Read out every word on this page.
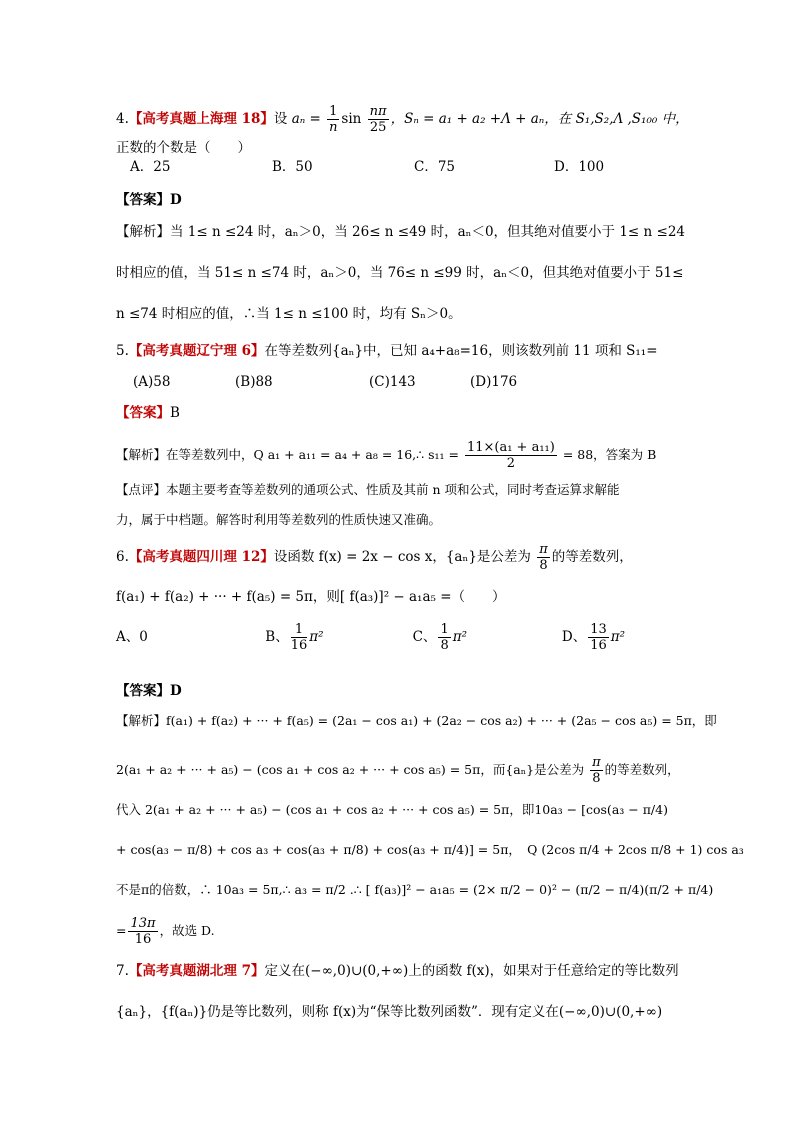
4.【高考真题上海理 18】设 $a_n = \frac{1}{n}$ $\sin \frac{n\pi}{25}$ ，Sₙ = a₁ + a₂ +Λ + aₙ，在 S₁,S₂,Λ ,S₁₀₀ 中，
正数的个数是（　　）
A．25	B．50	C．75	D．100
【答案】D
【解析】当 1≤ n ≤24 时，aₙ＞0，当 26≤ n ≤49 时，aₙ＜0，但其绝对值要小于 1≤ n ≤24
时相应的值，当 51≤ n ≤74 时，aₙ＞0，当 76≤ n ≤99 时，aₙ＜0，但其绝对值要小于 51≤
n ≤74 时相应的值，∴当 1≤ n ≤100 时，均有 Sₙ＞0。
5.【高考真题辽宁理 6】在等差数列{aₙ}中，已知 a₄+a₈=16，则该数列前 11 项和 S₁₁=
(A)58	(B)88	(C)143	(D)176
【答案】B
【解析】在等差数列中，Q a₁ + a₁₁ = a₄ + a₈ = 16,∴ $s_{11} = \frac{\text{11×(a₁ + a₁₁)}}{2} = 88$，答案为 B
【点评】本题主要考查等差数列的通项公式、性质及其前 n 项和公式，同时考查运算求解能
力，属于中档题。解答时利用等差数列的性质快速又准确。
6.【高考真题四川理 12】设函数 f(x) = 2x − cos x，{aₙ}是公差为 $\frac{\pi}{8}$ 的等差数列，
f(a₁) + f(a₂) + ··· + f(a₅) = 5π，则[ f(a₃)]² − a₁a₅ =（　　）
A、0	B、 $\frac{1}{16} \pi^2$	C、 $\frac{1}{8} \pi^2$	D、 $\frac{13}{16} \pi^2$
【答案】D
【解析】f(a₁) + f(a₂) + ··· + f(a₅) = (2a₁ − cos a₁) + (2a₂ − cos a₂) + ··· + (2a₅ − cos a₅) = 5π，即
2(a₁ + a₂ + ··· + a₅) − (cos a₁ + cos a₂ + ··· + cos a₅) = 5π，而{aₙ}是公差为 $\frac{\pi}{8}$ 的等差数列，
代入 2(a₁ + a₂ + ··· + a₅) − (cos a₁ + cos a₂ + ··· + cos a₅) = 5π，即10a₃ − [cos(a₃ − π/4)
+ cos(a₃ − π/8) + cos a₃ + cos(a₃ + π/8) + cos(a₃ + π/4)] = 5π，　Q (2cos π/4 + 2cos π/8 + 1) cos a₃
不是π的倍数，∴ 10a₃ = 5π,∴ a₃ = π/2 .∴ [ f(a₃)]² − a₁a₅ = (2× π/2 − 0)² − (π/2 − π/4)(π/2 + π/4)
= $\frac{13\pi}{16}$ ，故选 D.
7.【高考真题湖北理 7】定义在(−∞,0)∪(0,+∞)上的函数 f(x)，如果对于任意给定的等比数列
{aₙ}，{f(aₙ)}仍是等比数列，则称 f(x)为“保等比数列函数”．现有定义在(−∞,0)∪(0,+∞)
